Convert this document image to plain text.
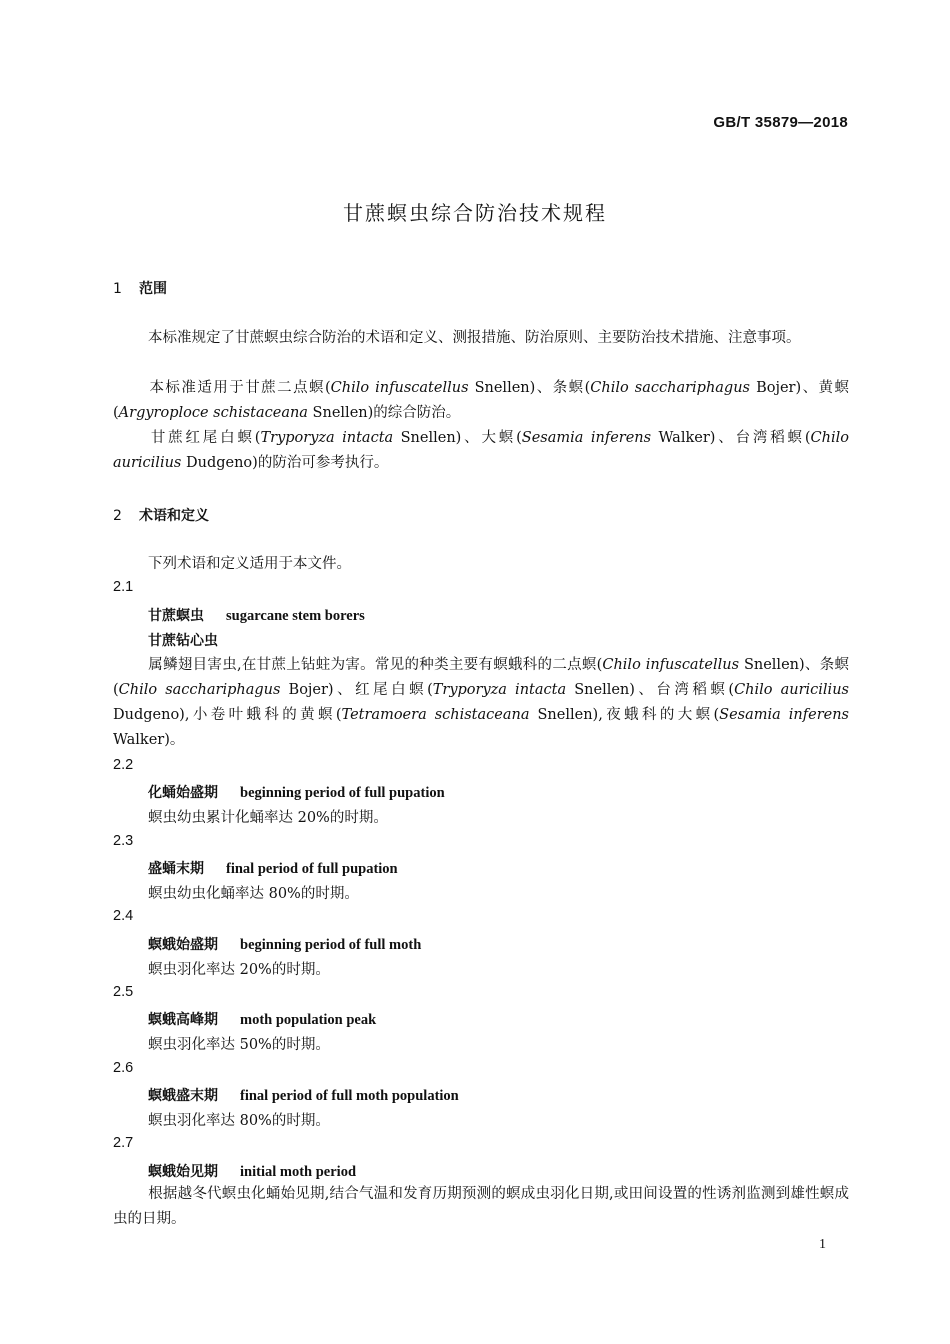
GB/T 35879—2018
甘蔗螟虫综合防治技术规程
1 范围
本标准规定了甘蔗螟虫综合防治的术语和定义、测报措施、防治原则、主要防治技术措施、注意事项。
本标准适用于甘蔗二点螟(Chilo infuscatellus Snellen)、条螟(Chilo sacchariphagus Bojer)、黄螟(Argyroploce schistaceana Snellen)的综合防治。
甘蔗红尾白螟(Tryporyza intacta Snellen)、大螟(Sesamia inferens Walker)、台湾稻螟(Chilo auricilius Dudgeno)的防治可参考执行。
2 术语和定义
下列术语和定义适用于本文件。
2.1
甘蔗螟虫 sugarcane stem borers
甘蔗钻心虫
属鳞翅目害虫,在甘蔗上钻蛀为害。常见的种类主要有螟蛾科的二点螟(Chilo infuscatellus Snellen)、条螟(Chilo sacchariphagus Bojer)、红尾白螟(Tryporyza intacta Snellen)、台湾稻螟(Chilo auricilius Dudgeno),小卷叶蛾科的黄螟(Tetramoera schistaceana Snellen),夜蛾科的大螟(Sesamia inferens Walker)。
2.2
化蛹始盛期 beginning period of full pupation
螟虫幼虫累计化蛹率达 20%的时期。
2.3
盛蛹末期 final period of full pupation
螟虫幼虫化蛹率达 80%的时期。
2.4
螟蛾始盛期 beginning period of full moth
螟虫羽化率达 20%的时期。
2.5
螟蛾高峰期 moth population peak
螟虫羽化率达 50%的时期。
2.6
螟蛾盛末期 final period of full moth population
螟虫羽化率达 80%的时期。
2.7
螟蛾始见期 initial moth period
根据越冬代螟虫化蛹始见期,结合气温和发育历期预测的螟成虫羽化日期,或田间设置的性诱剂监测到雄性螟成虫的日期。
1
